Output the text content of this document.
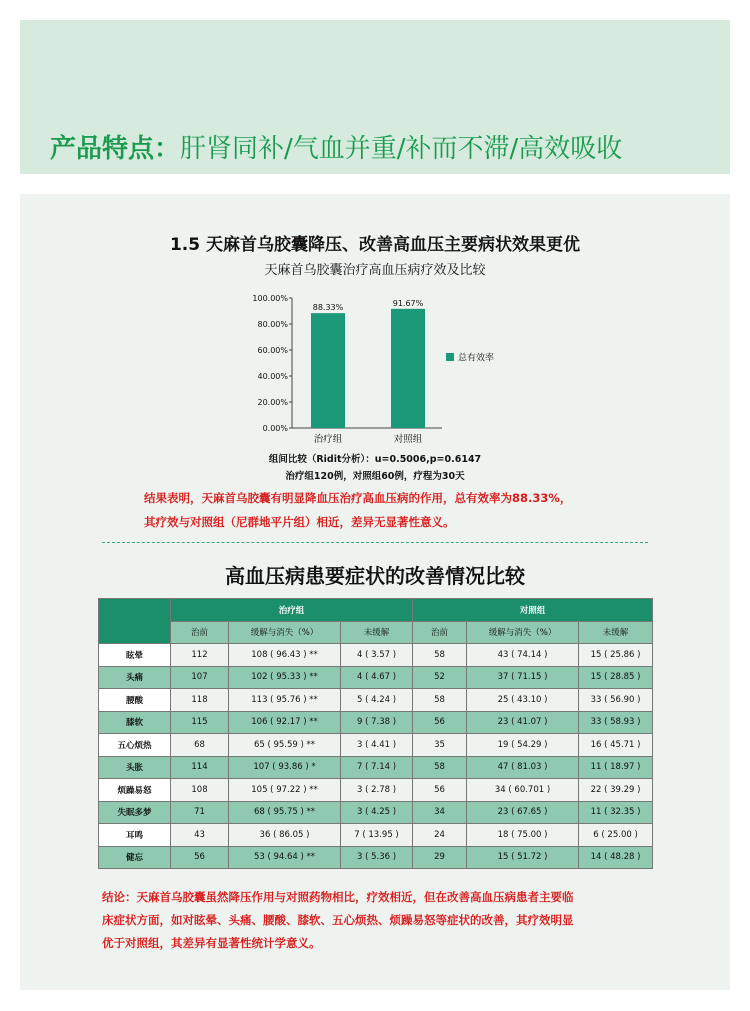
产品特点：肝肾同补/气血并重/补而不滞/高效吸收
1.5 天麻首乌胶囊降压、改善高血压主要病状效果更优
天麻首乌胶囊治疗高血压病疗效及比较
100.00%
80.00%
60.00%
40.00%
20.00%
0.00%
88.33%
治疗组
91.67%
对照组
总有效率
组间比较（Ridit分析）：u=0.5006,p=0.6147
治疗组120例，对照组60例，疗程为30天
结果表明，天麻首乌胶囊有明显降血压治疗高血压病的作用，总有效率为88.33%，
其疗效与对照组（尼群地平片组）相近，差异无显著性意义。
高血压病患要症状的改善情况比较
	治疗组			对照组		
	治前	缓解与消失（%）	未缓解	治前	缓解与消失（%）	未缓解
眩晕	112	108 ( 96.43 ) **	4 ( 3.57 )	58	43 ( 74.14 )	15 ( 25.86 )
头痛	107	102 ( 95.33 ) **	4 ( 4.67 )	52	37 ( 71.15 )	15 ( 28.85 )
腰酸	118	113 ( 95.76 ) **	5 ( 4.24 )	58	25 ( 43.10 )	33 ( 56.90 )
膝软	115	106 ( 92.17 ) **	9 ( 7.38 )	56	23 ( 41.07 )	33 ( 58.93 )
五心烦热	68	65 ( 95.59 ) **	3 ( 4.41 )	35	19 ( 54.29 )	16 ( 45.71 )
头胀	114	107 ( 93.86 ) *	7 ( 7.14 )	58	47 ( 81.03 )	11 ( 18.97 )
烦躁易怒	108	105 ( 97.22 ) **	3 ( 2.78 )	56	34 ( 60.701 )	22 ( 39.29 )
失眠多梦	71	68 ( 95.75 ) **	3 ( 4.25 )	34	23 ( 67.65 )	11 ( 32.35 )
耳鸣	43	36 ( 86.05 )	7 ( 13.95 )	24	18 ( 75.00 )	6 ( 25.00 )
健忘	56	53 ( 94.64 ) **	3 ( 5.36 )	29	15 ( 51.72 )	14 ( 48.28 )
结论：天麻首乌胶囊虽然降压作用与对照药物相比，疗效相近，但在改善高血压病患者主要临
床症状方面，如对眩晕、头痛、腰酸、膝软、五心烦热、烦躁易怒等症状的改善，其疗效明显
优于对照组，其差异有显著性统计学意义。
